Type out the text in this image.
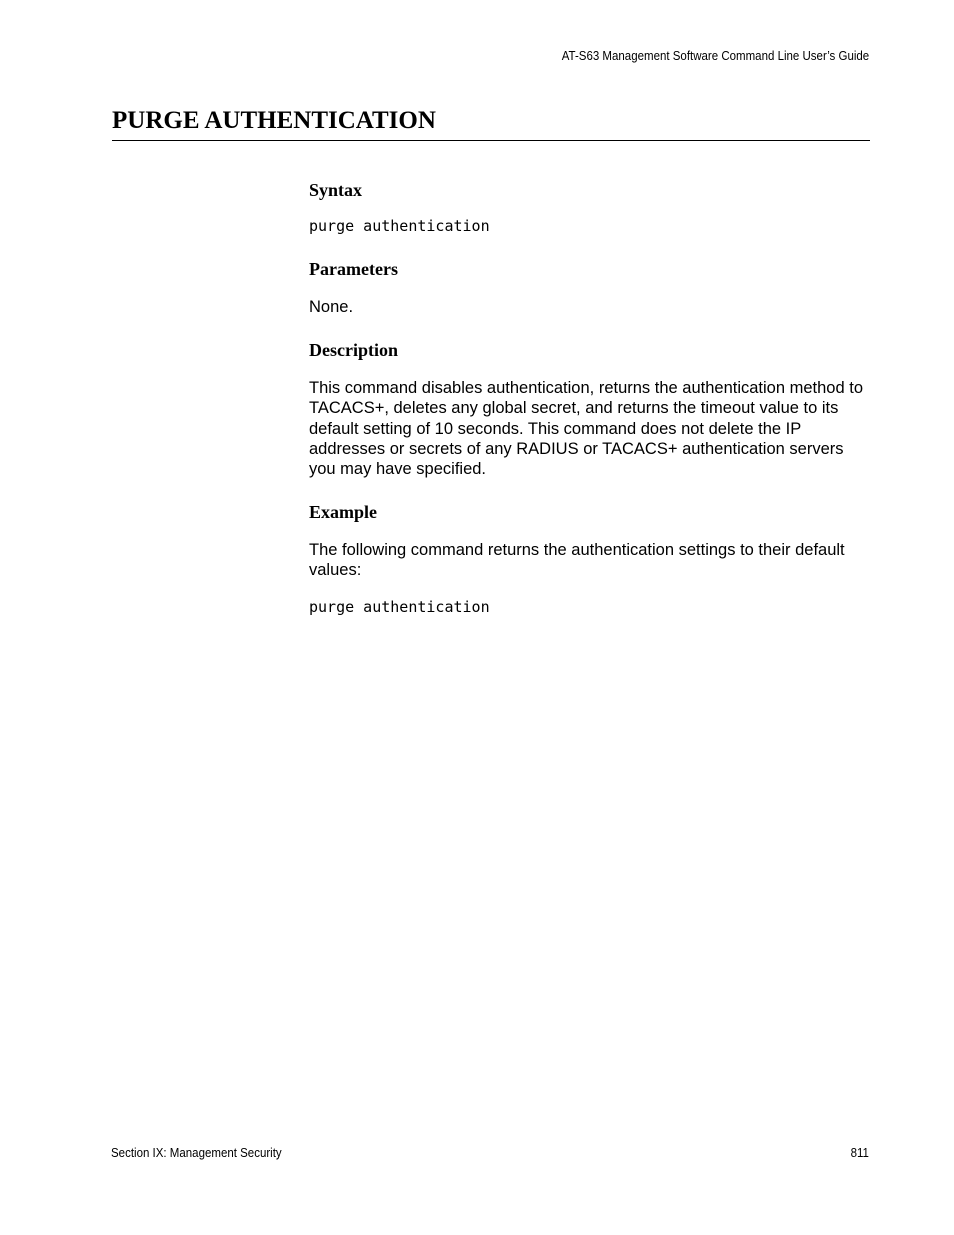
AT-S63 Management Software Command Line User’s Guide
PURGE AUTHENTICATION
Syntax
purge authentication
Parameters

None.

Description

This command disables authentication, returns the authentication method to TACACS+, deletes any global secret, and returns the timeout value to its default setting of 10 seconds. This command does not delete the IP addresses or secrets of any RADIUS or TACACS+ authentication servers you may have specified.

Example

The following command returns the authentication settings to their default values:

purge authentication
Section IX: Management Security	811
